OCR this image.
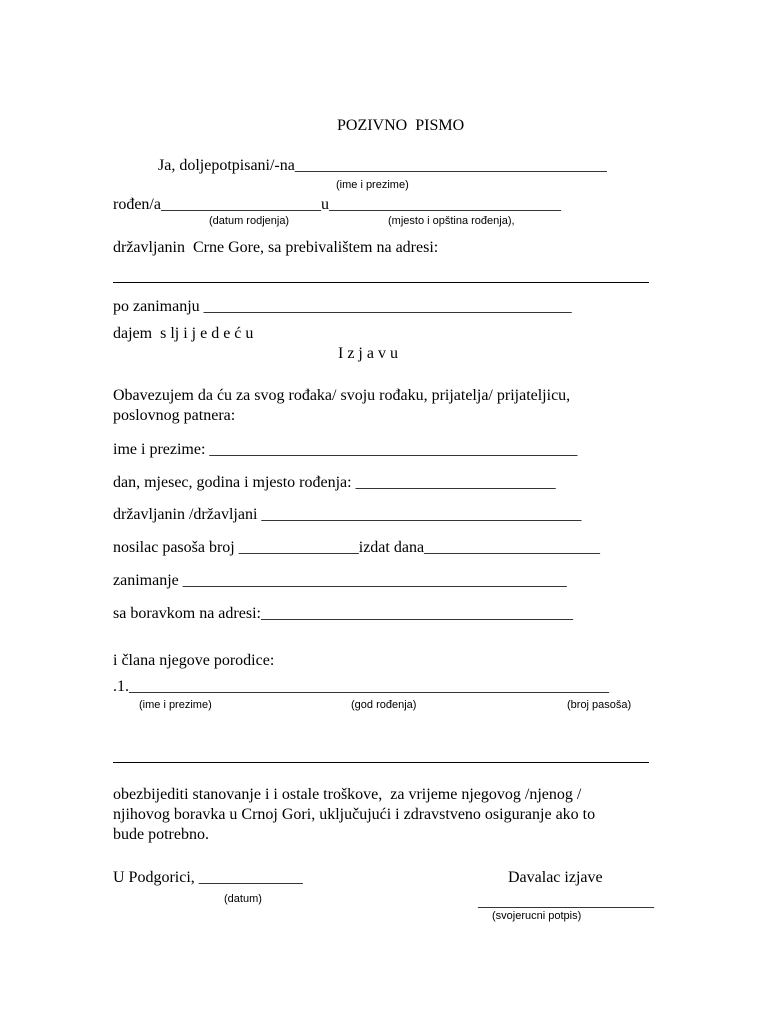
POZIVNO  PISMO
Ja, doljepotpisani/-na_______________________________________
(ime i prezime)
rođen/a____________________u_____________________________
(datum rodjenja)	(mjesto i opština rođenja),
državljanin  Crne Gore, sa prebivalištem na adresi:
po zanimanju ______________________________________________
dajem  s lj i j e d e ć u
I z j a v u
Obavezujem da ću za svog rođaka/ svoju rođaku, prijatelja/ prijateljicu,
poslovnog patnera:
ime i prezime: ______________________________________________
dan, mjesec, godina i mjesto rođenja: _________________________
državljanin /državljani ________________________________________
nosilac pasoša broj _______________izdat dana______________________
zanimanje ________________________________________________
sa boravkom na adresi:_______________________________________
i člana njegove porodice:
.1.____________________________________________________________
(ime i prezime)	(god rođenja)	(broj pasoša)
obezbijediti stanovanje i i ostale troškove,  za vrijeme njegovog /njenog /
njihovog boravka u Crnoj Gori, uključujući i zdravstveno osiguranje ako to
bude potrebno.
U Podgorici, _____________
(datum)
Davalac izjave
______________________
(svojerucni potpis)
